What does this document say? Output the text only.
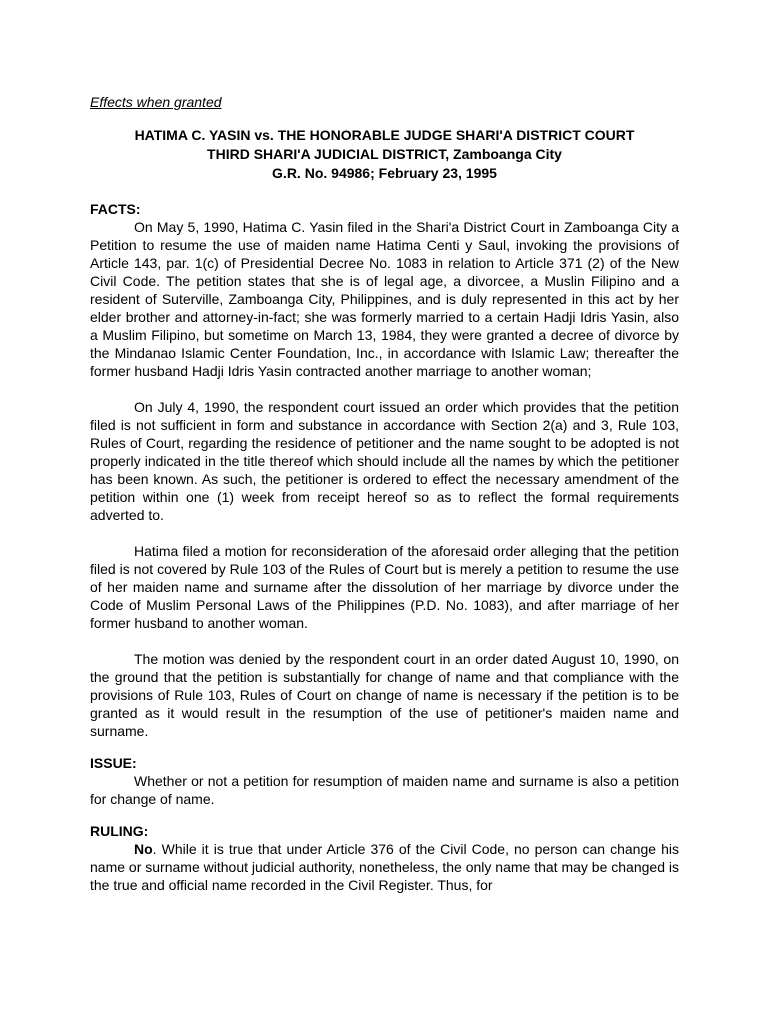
Effects when granted
HATIMA C. YASIN vs. THE HONORABLE JUDGE SHARI'A DISTRICT COURT
THIRD SHARI'A JUDICIAL DISTRICT, Zamboanga City
G.R. No. 94986; February 23, 1995
FACTS:

On May 5, 1990, Hatima C. Yasin filed in the Shari'a District Court in Zamboanga City a Petition to resume the use of maiden name Hatima Centi y Saul, invoking the provisions of Article 143, par. 1(c) of Presidential Decree No. 1083 in relation to Article 371 (2) of the New Civil Code. The petition states that she is of legal age, a divorcee, a Muslin Filipino and a resident of Suterville, Zamboanga City, Philippines, and is duly represented in this act by her elder brother and attorney-in-fact; she was formerly married to a certain Hadji Idris Yasin, also a Muslim Filipino, but sometime on March 13, 1984, they were granted a decree of divorce by the Mindanao Islamic Center Foundation, Inc., in accordance with Islamic Law; thereafter the former husband Hadji Idris Yasin contracted another marriage to another woman;

On July 4, 1990, the respondent court issued an order which provides that the petition filed is not sufficient in form and substance in accordance with Section 2(a) and 3, Rule 103, Rules of Court, regarding the residence of petitioner and the name sought to be adopted is not properly indicated in the title thereof which should include all the names by which the petitioner has been known. As such, the petitioner is ordered to effect the necessary amendment of the petition within one (1) week from receipt hereof so as to reflect the formal requirements adverted to.

Hatima filed a motion for reconsideration of the aforesaid order alleging that the petition filed is not covered by Rule 103 of the Rules of Court but is merely a petition to resume the use of her maiden name and surname after the dissolution of her marriage by divorce under the Code of Muslim Personal Laws of the Philippines (P.D. No. 1083), and after marriage of her former husband to another woman.

The motion was denied by the respondent court in an order dated August 10, 1990, on the ground that the petition is substantially for change of name and that compliance with the provisions of Rule 103, Rules of Court on change of name is necessary if the petition is to be granted as it would result in the resumption of the use of petitioner's maiden name and surname.

ISSUE:

Whether or not a petition for resumption of maiden name and surname is also a petition for change of name.

RULING:

No. While it is true that under Article 376 of the Civil Code, no person can change his name or surname without judicial authority, nonetheless, the only name that may be changed is the true and official name recorded in the Civil Register. Thus, for
